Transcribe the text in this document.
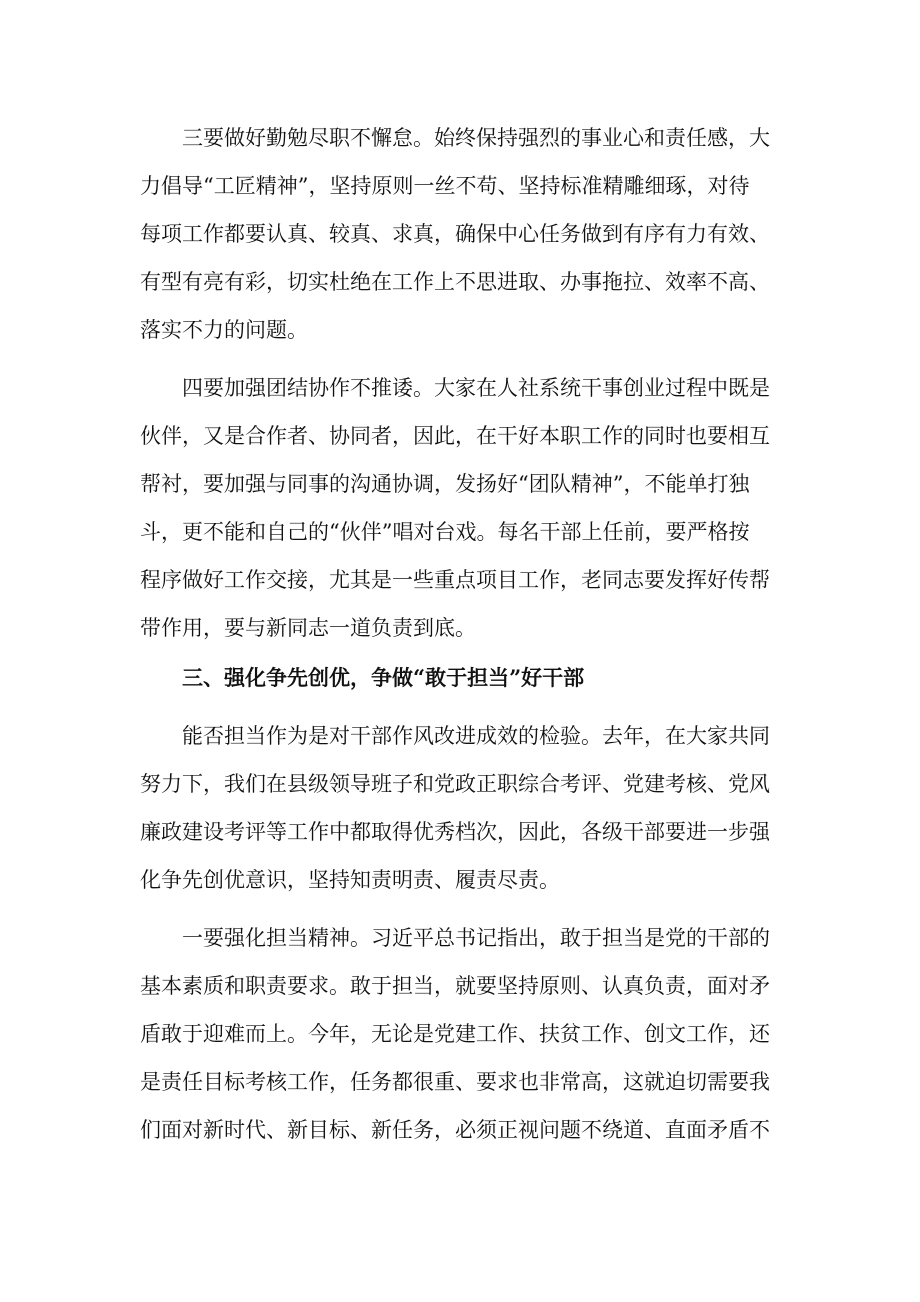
三要做好勤勉尽职不懈怠。始终保持强烈的事业心和责任感，大
力倡导“工匠精神”，坚持原则一丝不苟、坚持标准精雕细琢，对待
每项工作都要认真、较真、求真，确保中心任务做到有序有力有效、
有型有亮有彩，切实杜绝在工作上不思进取、办事拖拉、效率不高、
落实不力的问题。
四要加强团结协作不推诿。大家在人社系统干事创业过程中既是
伙伴，又是合作者、协同者，因此，在干好本职工作的同时也要相互
帮衬，要加强与同事的沟通协调，发扬好“团队精神”，不能单打独
斗，更不能和自己的“伙伴”唱对台戏。每名干部上任前，要严格按
程序做好工作交接，尤其是一些重点项目工作，老同志要发挥好传帮
带作用，要与新同志一道负责到底。
三、强化争先创优，争做“敢于担当”好干部
能否担当作为是对干部作风改进成效的检验。去年，在大家共同
努力下，我们在县级领导班子和党政正职综合考评、党建考核、党风
廉政建设考评等工作中都取得优秀档次，因此，各级干部要进一步强
化争先创优意识，坚持知责明责、履责尽责。
一要强化担当精神。习近平总书记指出，敢于担当是党的干部的
基本素质和职责要求。敢于担当，就要坚持原则、认真负责，面对矛
盾敢于迎难而上。今年，无论是党建工作、扶贫工作、创文工作，还
是责任目标考核工作，任务都很重、要求也非常高，这就迫切需要我
们面对新时代、新目标、新任务，必须正视问题不绕道、直面矛盾不
